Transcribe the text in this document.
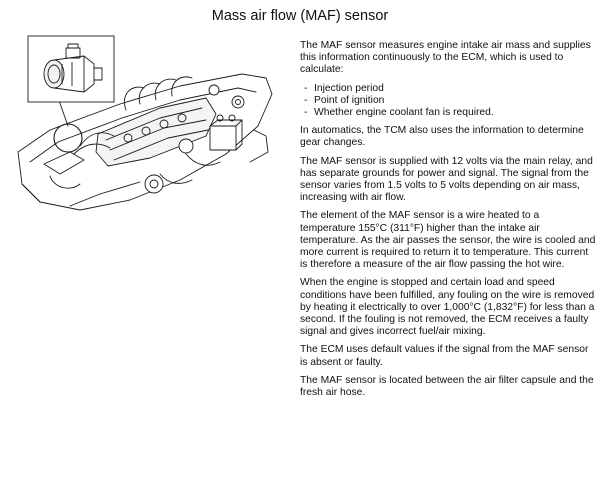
Mass air flow (MAF) sensor

The MAF sensor measures engine intake air mass and supplies this information continuously to the ECM, which is used to calculate:

- Injection period
- Point of ignition
- Whether engine coolant fan is required.

In automatics, the TCM also uses the information to determine gear changes.

The MAF sensor is supplied with 12 volts via the main relay, and has separate grounds for power and signal. The signal from the sensor varies from 1.5 volts to 5 volts depending on air mass, increasing with air flow.

The element of the MAF sensor is a wire heated to a temperature 155°C (311°F) higher than the intake air temperature. As the air passes the sensor, the wire is cooled and more current is required to return it to temperature. This current is therefore a measure of the air flow passing the hot wire.

When the engine is stopped and certain load and speed conditions have been fulfilled, any fouling on the wire is removed by heating it electrically to over 1,000°C (1,832°F) for less than a second. If the fouling is not removed, the ECM receives a faulty signal and gives incorrect fuel/air mixing.

The ECM uses default values if the signal from the MAF sensor is absent or faulty.

The MAF sensor is located between the air filter capsule and the fresh air hose.
